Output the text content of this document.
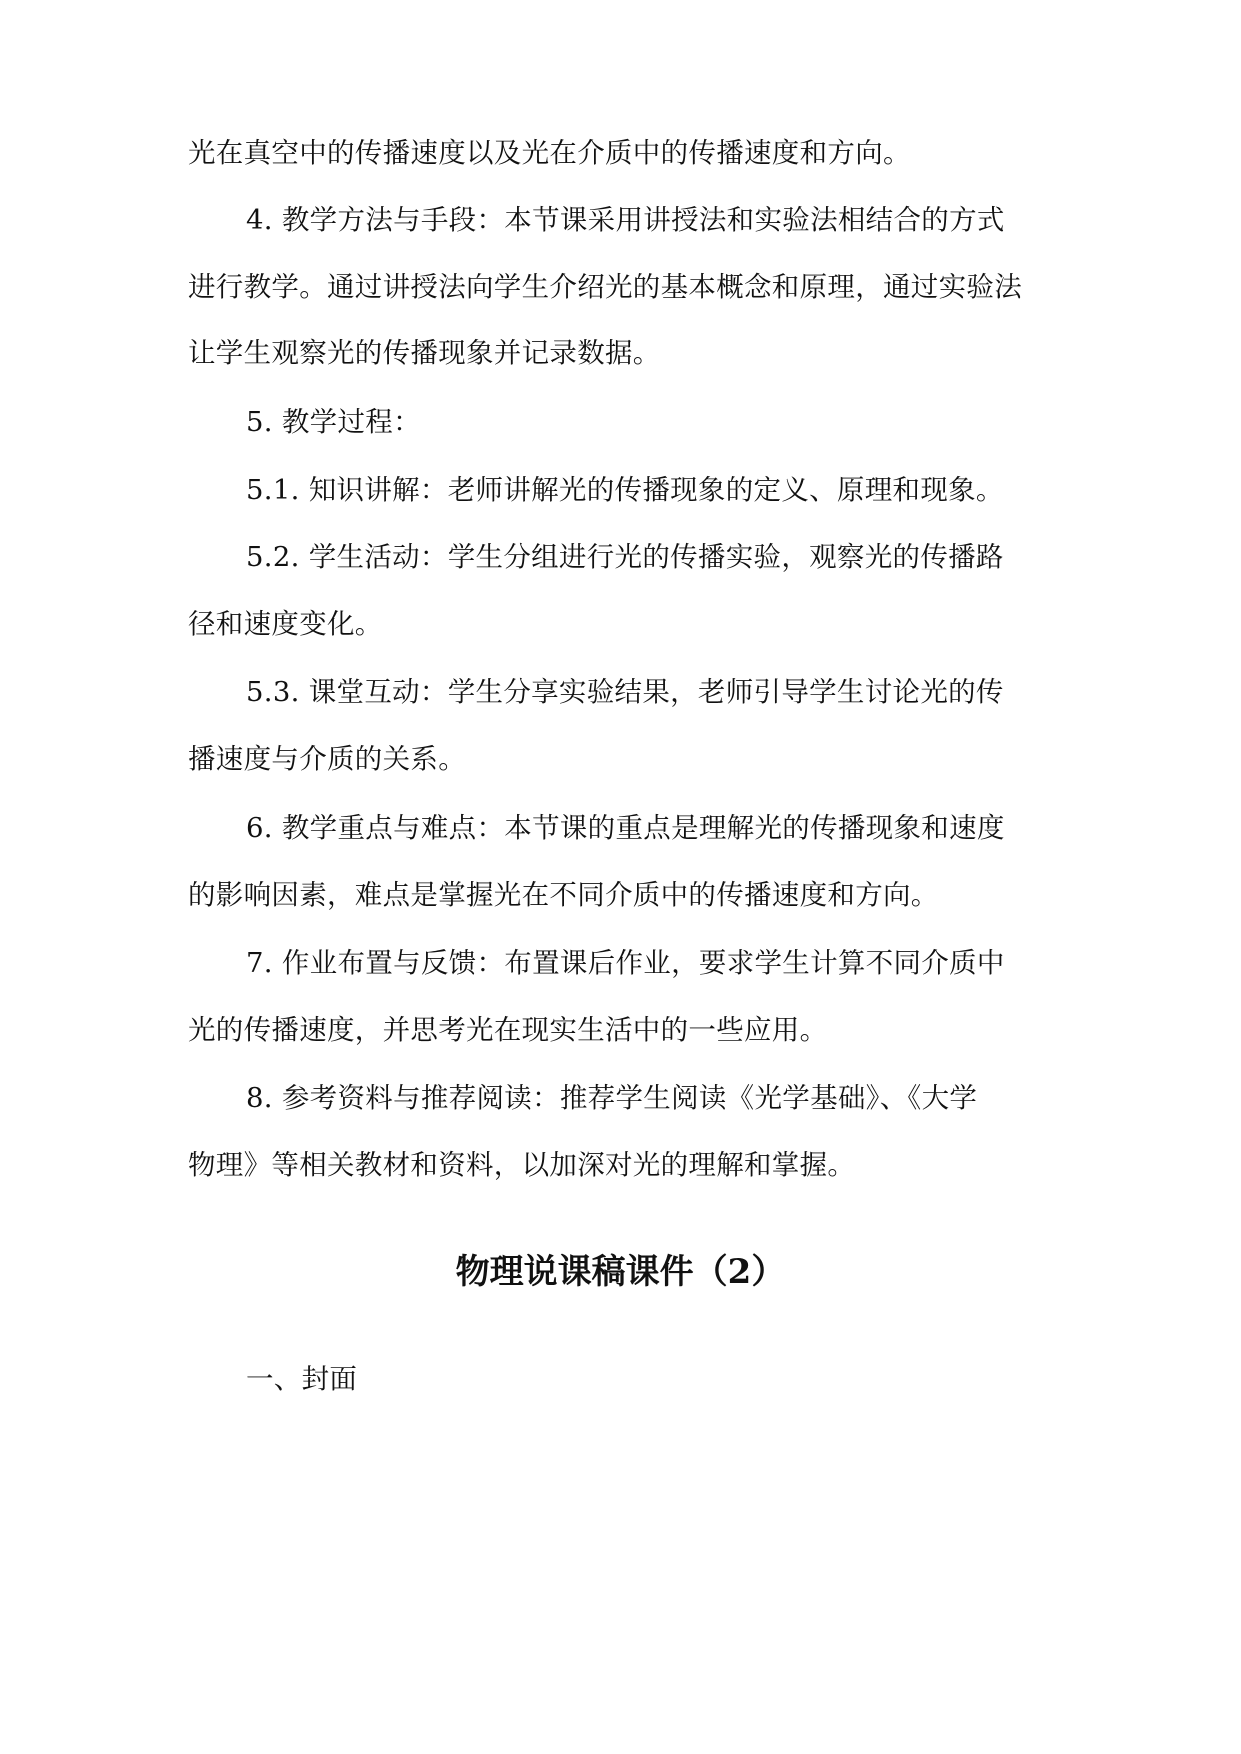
光在真空中的传播速度以及光在介质中的传播速度和方向。
4. 教学方法与手段：本节课采用讲授法和实验法相结合的方式
进行教学。通过讲授法向学生介绍光的基本概念和原理，通过实验法
让学生观察光的传播现象并记录数据。
5. 教学过程：
5.1. 知识讲解：老师讲解光的传播现象的定义、原理和现象。
5.2. 学生活动：学生分组进行光的传播实验，观察光的传播路
径和速度变化。
5.3. 课堂互动：学生分享实验结果，老师引导学生讨论光的传
播速度与介质的关系。
6. 教学重点与难点：本节课的重点是理解光的传播现象和速度
的影响因素，难点是掌握光在不同介质中的传播速度和方向。
7. 作业布置与反馈：布置课后作业，要求学生计算不同介质中
光的传播速度，并思考光在现实生活中的一些应用。
8. 参考资料与推荐阅读：推荐学生阅读《光学基础》、《大学
物理》等相关教材和资料，以加深对光的理解和掌握。
物理说课稿课件（2）
一、封面
